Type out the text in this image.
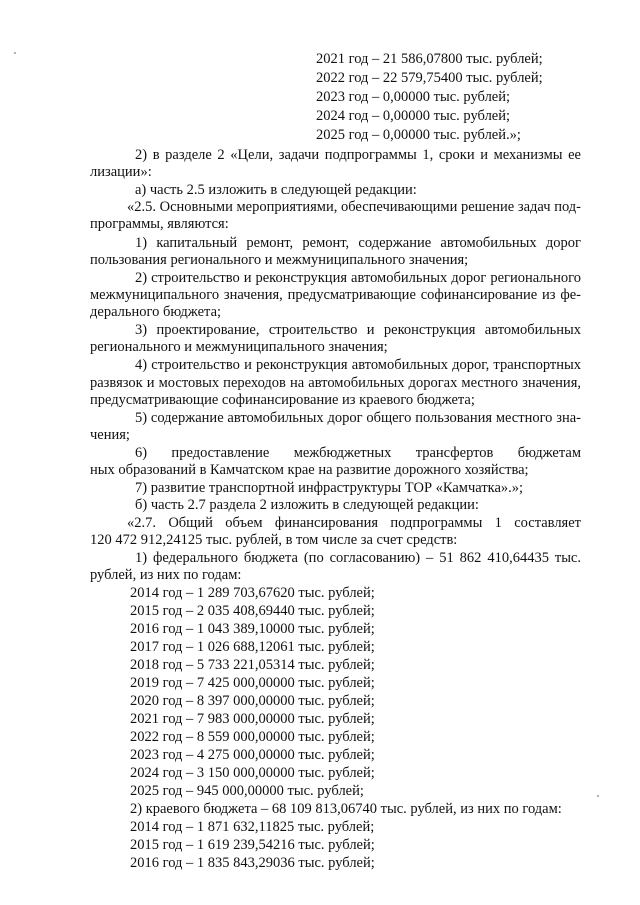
2021 год – 21 586,07800 тыс. рублей;
2022 год – 22 579,75400 тыс. рублей;
2023 год – 0,00000 тыс. рублей;
2024 год – 0,00000 тыс. рублей;
2025 год – 0,00000 тыс. рублей.»;
2) в разделе 2 «Цели, задачи подпрограммы 1, сроки и механизмы ее
лизации»:
а) часть 2.5 изложить в следующей редакции:
«2.5. Основными мероприятиями, обеспечивающими решение задач под-
программы, являются:
1) капитальный ремонт, ремонт, содержание автомобильных дорог
пользования регионального и межмуниципального значения;
2) строительство и реконструкция автомобильных дорог регионального
межмуниципального значения, предусматривающие софинансирование из фе-
дерального бюджета;
3) проектирование, строительство и реконструкция автомобильных
регионального и межмуниципального значения;
4) строительство и реконструкция автомобильных дорог, транспортных
развязок и мостовых переходов на автомобильных дорогах местного значения,
предусматривающие софинансирование из краевого бюджета;
5) содержание автомобильных дорог общего пользования местного зна-
чения;
6) предоставление межбюджетных трансфертов бюджетам
ных образований в Камчатском крае на развитие дорожного хозяйства;
7) развитие транспортной инфраструктуры ТОР «Камчатка».»;
б) часть 2.7 раздела 2 изложить в следующей редакции:
«2.7. Общий объем финансирования подпрограммы 1 составляет
120 472 912,24125 тыс. рублей, в том числе за счет средств:
1) федерального бюджета (по согласованию) – 51 862 410,64435 тыс.
рублей, из них по годам:
2014 год – 1 289 703,67620 тыс. рублей;
2015 год – 2 035 408,69440 тыс. рублей;
2016 год – 1 043 389,10000 тыс. рублей;
2017 год – 1 026 688,12061 тыс. рублей;
2018 год – 5 733 221,05314 тыс. рублей;
2019 год – 7 425 000,00000 тыс. рублей;
2020 год – 8 397 000,00000 тыс. рублей;
2021 год – 7 983 000,00000 тыс. рублей;
2022 год – 8 559 000,00000 тыс. рублей;
2023 год – 4 275 000,00000 тыс. рублей;
2024 год – 3 150 000,00000 тыс. рублей;
2025 год – 945 000,00000 тыс. рублей;
2) краевого бюджета – 68 109 813,06740 тыс. рублей, из них по годам:
2014 год – 1 871 632,11825 тыс. рублей;
2015 год – 1 619 239,54216 тыс. рублей;
2016 год – 1 835 843,29036 тыс. рублей;
